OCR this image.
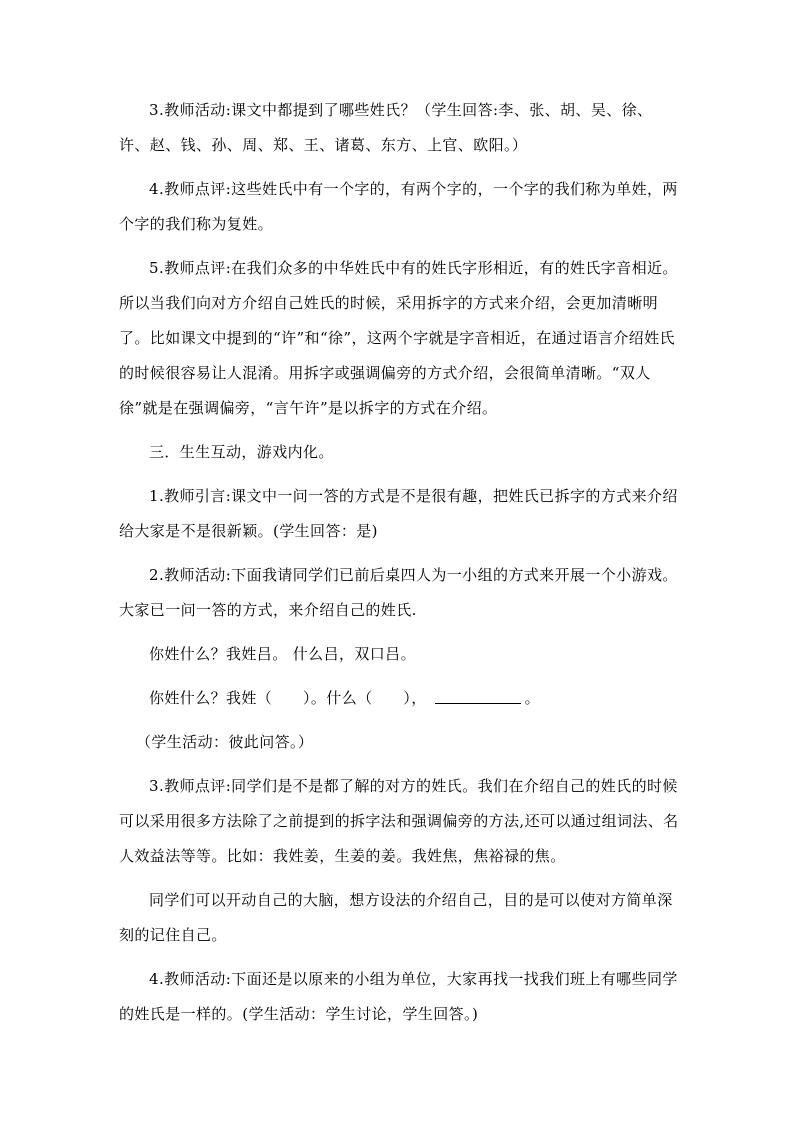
3.教师活动:课文中都提到了哪些姓氏？（学生回答:李、张、胡、吴、徐、许、赵、钱、孙、周、郑、王、诸葛、东方、上官、欧阳。）

4.教师点评:这些姓氏中有一个字的，有两个字的，一个字的我们称为单姓，两个字的我们称为复姓。

5.教师点评:在我们众多的中华姓氏中有的姓氏字形相近，有的姓氏字音相近。所以当我们向对方介绍自己姓氏的时候，采用拆字的方式来介绍，会更加清晰明了。比如课文中提到的“许”和“徐”，这两个字就是字音相近，在通过语言介绍姓氏的时候很容易让人混淆。用拆字或强调偏旁的方式介绍，会很简单清晰。“双人徐”就是在强调偏旁，“言午许”是以拆字的方式在介绍。

三．生生互动，游戏内化。

1.教师引言:课文中一问一答的方式是不是很有趣，把姓氏已拆字的方式来介绍给大家是不是很新颖。(学生回答：是)

2.教师活动:下面我请同学们已前后桌四人为一小组的方式来开展一个小游戏。大家已一问一答的方式，来介绍自己的姓氏.

你姓什么？我姓吕。 什么吕，双口吕。

你姓什么？我姓（　　）。什么（　　），	。

（学生活动：彼此问答。）

3.教师点评:同学们是不是都了解的对方的姓氏。我们在介绍自己的姓氏的时候可以采用很多方法除了之前提到的拆字法和强调偏旁的方法,还可以通过组词法、名人效益法等等。比如：我姓姜，生姜的姜。我姓焦，焦裕禄的焦。

同学们可以开动自己的大脑，想方设法的介绍自己，目的是可以使对方简单深刻的记住自己。

4.教师活动:下面还是以原来的小组为单位，大家再找一找我们班上有哪些同学的姓氏是一样的。(学生活动：学生讨论，学生回答。)
